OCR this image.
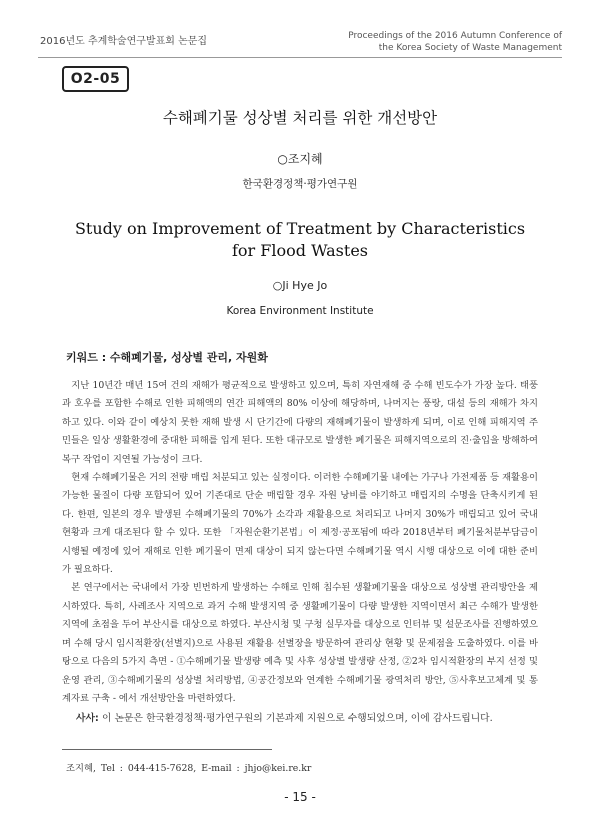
2016년도 추계학술연구발표회 논문집	Proceedings of the 2016 Autumn Conference of
the Korea Society of Waste Management
O2-05
수해폐기물 성상별 처리를 위한 개선방안
○조지혜
한국환경정책·평가연구원
Study on Improvement of Treatment by Characteristics
for Flood Wastes
○Ji Hye Jo
Korea Environment Institute
키워드 : 수해폐기물, 성상별 관리, 자원화

지난 10년간 매년 15여 건의 재해가 평균적으로 발생하고 있으며, 특히 자연재해 중 수해 빈도수가 가장 높다. 태풍과 호우를 포함한 수해로 인한 피해액의 연간 피해액의 80% 이상에 해당하며, 나머지는 풍랑, 대설 등의 재해가 차지하고 있다. 이와 같이 예상치 못한 재해 발생 시 단기간에 다량의 재해폐기물이 발생하게 되며, 이로 인해 피해지역 주민들은 일상 생활환경에 중대한 피해를 입게 된다. 또한 대규모로 발생한 폐기물은 피해지역으로의 진·출입을 방해하여 복구 작업이 지연될 가능성이 크다.

현재 수해폐기물은 거의 전량 매립 처분되고 있는 실정이다. 이러한 수해폐기물 내에는 가구나 가전제품 등 재활용이 가능한 물질이 다량 포함되어 있어 기존대로 단순 매립할 경우 자원 낭비를 야기하고 매립지의 수명을 단축시키게 된다. 한편, 일본의 경우 발생된 수해폐기물의 70%가 소각과 재활용으로 처리되고 나머지 30%가 매립되고 있어 국내 현황과 크게 대조된다 할 수 있다. 또한 「자원순환기본법」이 제정·공포됨에 따라 2018년부터 폐기물처분부담금이 시행될 예정에 있어 재해로 인한 폐기물이 면제 대상이 되지 않는다면 수해폐기물 역시 시행 대상으로 이에 대한 준비가 필요하다.

본 연구에서는 국내에서 가장 빈번하게 발생하는 수해로 인해 침수된 생활폐기물을 대상으로 성상별 관리방안을 제시하였다. 특히, 사례조사 지역으로 과거 수해 발생지역 중 생활폐기물이 다량 발생한 지역이면서 최근 수해가 발생한 지역에 초점을 두어 부산시를 대상으로 하였다. 부산시청 및 구청 실무자를 대상으로 인터뷰 및 설문조사를 진행하였으며 수해 당시 임시적환장(선별지)으로 사용된 재활용 선별장을 방문하여 관리상 현황 및 문제점을 도출하였다. 이를 바탕으로 다음의 5가지 측면 - ①수해폐기물 발생량 예측 및 사후 성상별 발생량 산정, ②2차 임시적환장의 부지 선정 및 운영 관리, ③수해폐기물의 성상별 처리방법, ④공간정보와 연계한 수해폐기물 광역처리 방안, ⑤사후보고체계 및 통계자료 구축 - 에서 개선방안을 마련하였다.

사사: 이 논문은 한국환경정책·평가연구원의 기본과제 지원으로 수행되었으며, 이에 감사드립니다.
조지혜, Tel : 044-415-7628, E-mail : jhjo@kei.re.kr
- 15 -
